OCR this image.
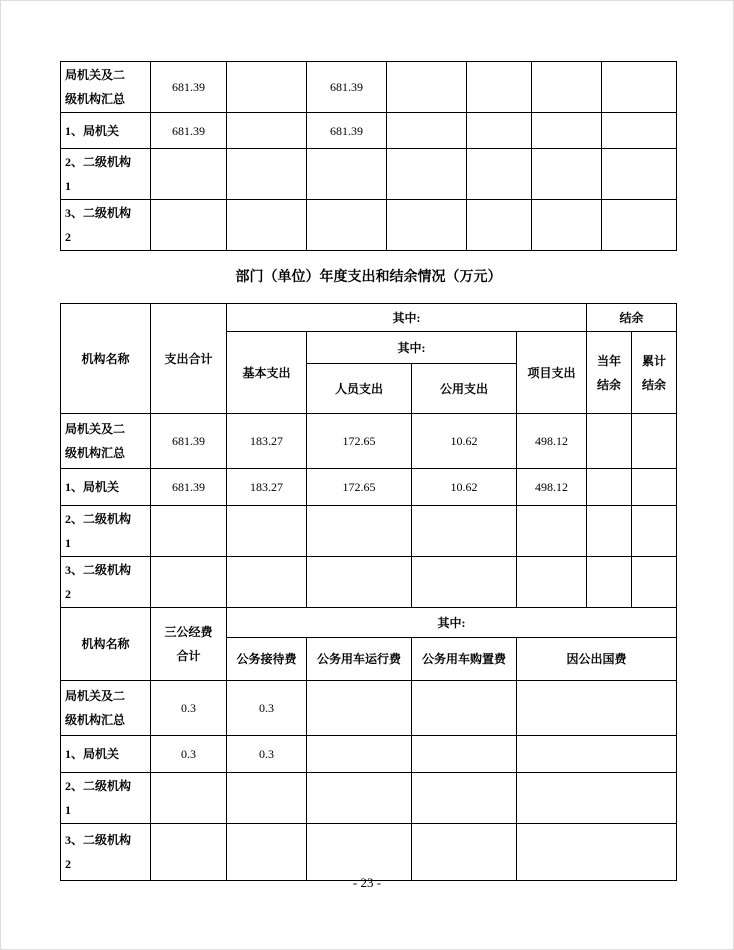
局机关及二级机构汇总	681.39		681.39				
1、局机关	681.39		681.39				
2、二级机构1							
3、二级机构2							
部门（单位）年度支出和结余情况（万元）
机构名称	支出合计	其中:				结余	
		基本支出	其中:		项目支出	当年结余	累计结余
			人员支出	公用支出			
局机关及二级机构汇总	681.39	183.27	172.65	10.62	498.12		
1、局机关	681.39	183.27	172.65	10.62	498.12		
2、二级机构1							
3、二级机构2							
机构名称	三公经费合计	其中:			
		公务接待费	公务用车运行费	公务用车购置费	因公出国费
局机关及二级机构汇总	0.3	0.3			
1、局机关	0.3	0.3			
2、二级机构1					
3、二级机构2					
- 23 -
